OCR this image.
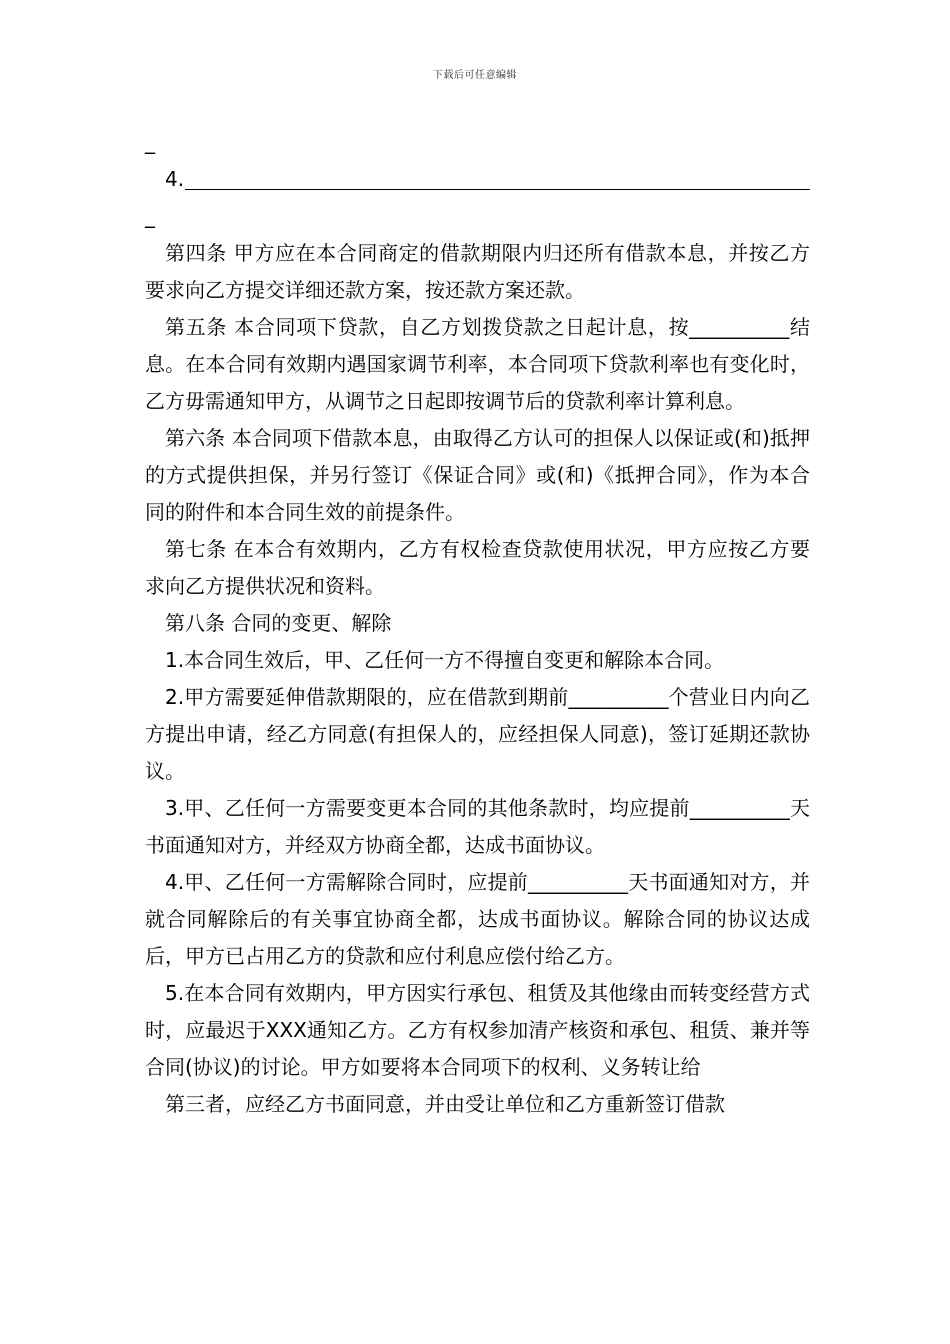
下载后可任意编辑
_
4.
_

第四条 甲方应在本合同商定的借款期限内归还所有借款本息，并按乙方要求向乙方提交详细还款方案，按还款方案还款。

第五条 本合同项下贷款，自乙方划拨贷款之日起计息，按__________结息。在本合同有效期内遇国家调节利率，本合同项下贷款利率也有变化时，乙方毋需通知甲方，从调节之日起即按调节后的贷款利率计算利息。

第六条 本合同项下借款本息，由取得乙方认可的担保人以保证或(和)抵押的方式提供担保，并另行签订《保证合同》或(和)《抵押合同》，作为本合同的附件和本合同生效的前提条件。

第七条 在本合有效期内，乙方有权检查贷款使用状况，甲方应按乙方要求向乙方提供状况和资料。

第八条 合同的变更、解除

1.本合同生效后，甲、乙任何一方不得擅自变更和解除本合同。

2.甲方需要延伸借款期限的，应在借款到期前__________个营业日内向乙方提出申请，经乙方同意(有担保人的，应经担保人同意)，签订延期还款协议。

3.甲、乙任何一方需要变更本合同的其他条款时，均应提前__________天书面通知对方，并经双方协商全都，达成书面协议。

4.甲、乙任何一方需解除合同时，应提前__________天书面通知对方，并就合同解除后的有关事宜协商全都，达成书面协议。解除合同的协议达成后，甲方已占用乙方的贷款和应付利息应偿付给乙方。

5.在本合同有效期内，甲方因实行承包、租赁及其他缘由而转变经营方式时，应最迟于XXX通知乙方。乙方有权参加清产核资和承包、租赁、兼并等合同(协议)的讨论。甲方如要将本合同项下的权利、义务转让给

第三者，应经乙方书面同意，并由受让单位和乙方重新签订借款
